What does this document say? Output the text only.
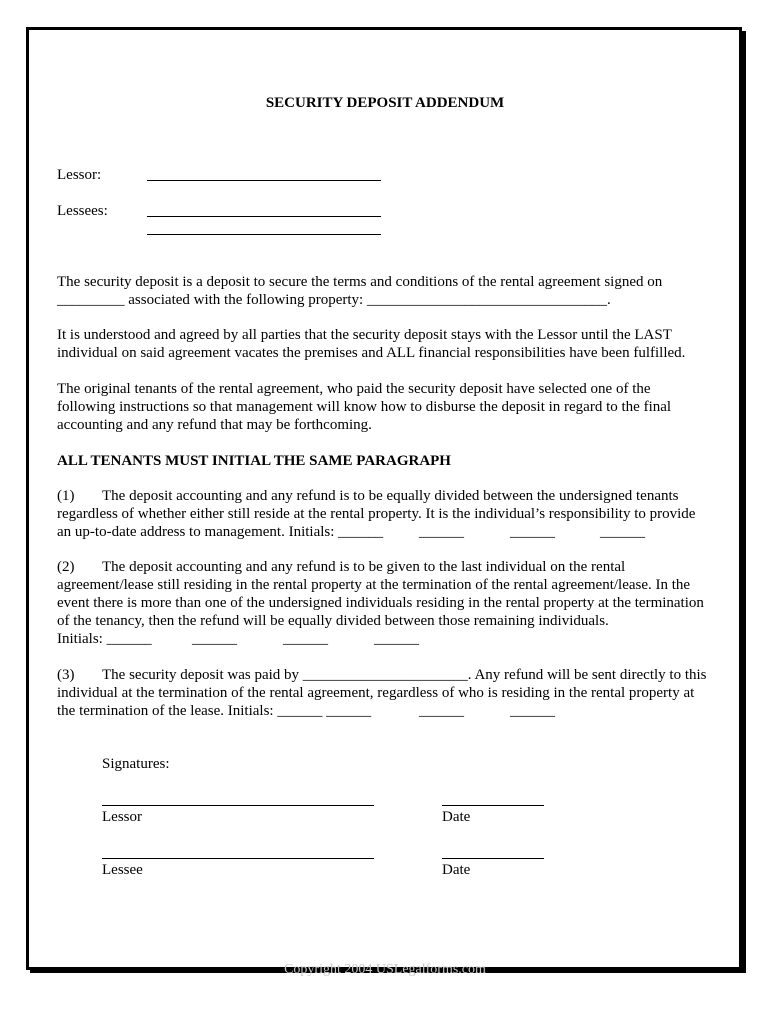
SECURITY DEPOSIT ADDENDUM
Lessor:
Lessees:
The security deposit is a deposit to secure the terms and conditions of the rental agreement signed on
_________ associated with the following property: ________________________________.
It is understood and agreed by all parties that the security deposit stays with the Lessor until the LAST
individual on said agreement vacates the premises and ALL financial responsibilities have been fulfilled.
The original tenants of the rental agreement, who paid the security deposit have selected one of the
following instructions so that management will know how to disburse the deposit in regard to the final
accounting and any refund that may be forthcoming.
ALL TENANTS MUST INITIAL THE SAME PARAGRAPH
(1) The deposit accounting and any refund is to be equally divided between the undersigned tenants
regardless of whether either still reside at the rental property. It is the individual’s responsibility to provide
an up-to-date address to management. Initials: ______ ______	______	______
(2) The deposit accounting and any refund is to be given to the last individual on the rental
agreement/lease still residing in the rental property at the termination of the rental agreement/lease. In the
event there is more than one of the undersigned individuals residing in the rental property at the termination
of the tenancy, then the refund will be equally divided between those remaining individuals.
Initials: ______	______	______	______
(3) The security deposit was paid by ______________________. Any refund will be sent directly to this
individual at the termination of the rental agreement, regardless of who is residing in the rental property at
the termination of the lease. Initials: ______ ______	______	______
Signatures:
Lessor	Date
Lessee	Date
Copyright 2004 USLegalforms.com
